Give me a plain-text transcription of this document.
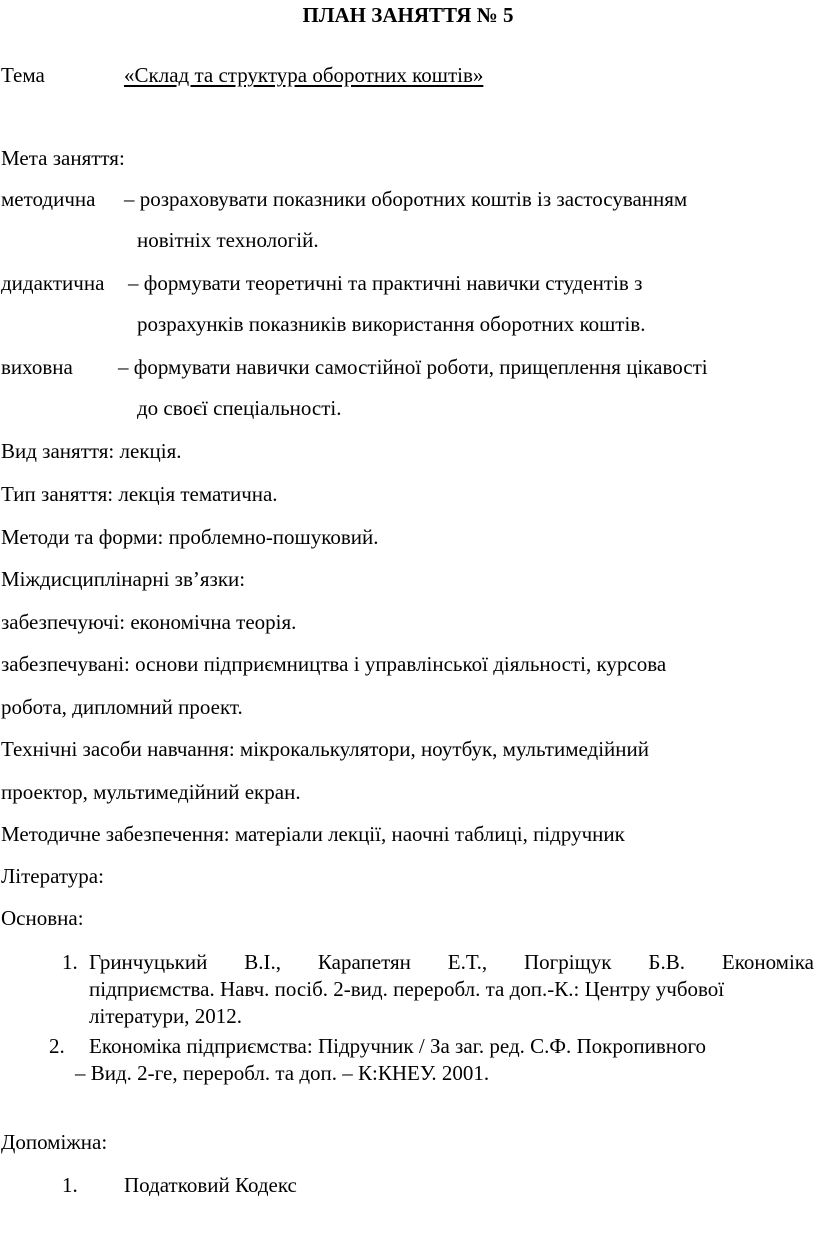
ПЛАН ЗАНЯТТЯ № 5
Тема	«Склад та структура оборотних коштів»
Мета заняття:
методична – розраховувати показники оборотних коштів із застосуванням
новітніх технологій.
дидактична – формувати теоретичні та практичні навички студентів з
розрахунків показників використання оборотних коштів.
виховна – формувати навички самостійної роботи, прищеплення цікавості
до своєї спеціальності.
Вид заняття: лекція.
Тип заняття: лекція тематична.
Методи та форми: проблемно-пошуковий.
Міждисциплінарні зв’язки:
забезпечуючі: економічна теорія.
забезпечувані: основи підприємництва і управлінської діяльності, курсова
робота, дипломний проект.
Технічні засоби навчання: мікрокалькулятори, ноутбук, мультимедійний
проектор, мультимедійний екран.
Методичне забезпечення: матеріали лекції, наочні таблиці, підручник
Література:
Основна:
1. Гринчуцький В.І., Карапетян Е.Т., Погріщук Б.В. Економіка
підприємства. Навч. посіб. 2-вид. переробл. та доп.-К.: Центру учбової
літератури, 2012.
2. Економіка підприємства: Підручник / За заг. ред. С.Ф. Покропивного
– Вид. 2-ге, переробл. та доп. – К:КНЕУ. 2001.
Допоміжна:
1. Податковий Кодекс
